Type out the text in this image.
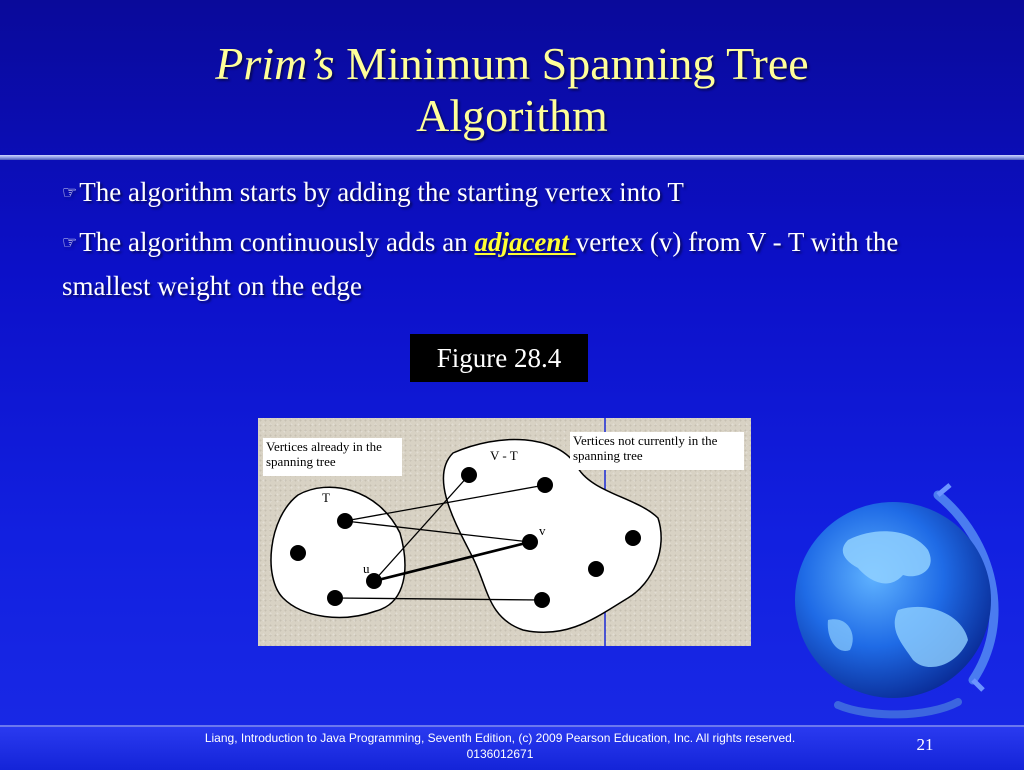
Prim’s Minimum Spanning Tree
Algorithm
☞The algorithm starts by adding the starting vertex into T
☞The algorithm continuously adds an adjacent vertex (v) from V - T with the smallest weight on the edge
Figure 28.4
T
V - T
u
v
Vertices already in the spanning tree
Vertices not currently in the spanning tree
Liang, Introduction to Java Programming, Seventh Edition, (c) 2009 Pearson Education, Inc. All rights reserved. 0136012671	21
